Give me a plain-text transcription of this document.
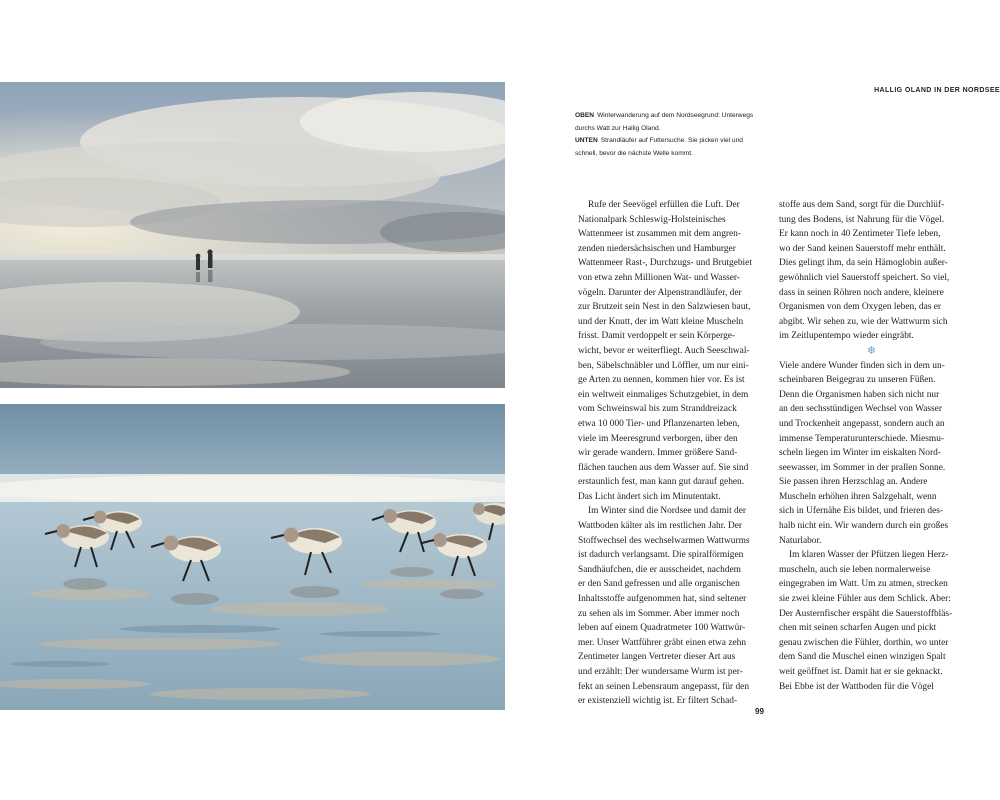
HALLIG OLAND IN DER NORDSEE
OBEN Winterwanderung auf dem Nordseegrund: Unterwegs
durchs Watt zur Hallig Oland.
UNTEN Strandläufer auf Futtersuche. Sie picken viel und
schnell, bevor die nächste Welle kommt.
Rufe der Seevögel erfüllen die Luft. Der
Nationalpark Schleswig-Holsteinisches
Wattenmeer ist zusammen mit dem angren-
zenden niedersächsischen und Hamburger
Wattenmeer Rast-, Durchzugs- und Brutgebiet
von etwa zehn Millionen Wat- und Wasser-
vögeln. Darunter der Alpenstrandläufer, der
zur Brutzeit sein Nest in den Salzwiesen baut,
und der Knutt, der im Watt kleine Muscheln
frisst. Damit verdoppelt er sein Körperge-
wicht, bevor er weiterfliegt. Auch Seeschwal-
ben, Säbelschnäbler und Löffler, um nur eini-
ge Arten zu nennen, kommen hier vor. Es ist
ein weltweit einmaliges Schutzgebiet, in dem
vom Schweinswal bis zum Stranddreizack
etwa 10 000 Tier- und Pflanzenarten leben,
viele im Meeresgrund verborgen, über den
wir gerade wandern. Immer größere Sand-
flächen tauchen aus dem Wasser auf. Sie sind
erstaunlich fest, man kann gut darauf gehen.
Das Licht ändert sich im Minutentakt.
Im Winter sind die Nordsee und damit der
Wattboden kälter als im restlichen Jahr. Der
Stoffwechsel des wechselwarmen Wattwurms
ist dadurch verlangsamt. Die spiralförmigen
Sandhäufchen, die er ausscheidet, nachdem
er den Sand gefressen und alle organischen
Inhaltsstoffe aufgenommen hat, sind seltener
zu sehen als im Sommer. Aber immer noch
leben auf einem Quadratmeter 100 Wattwür-
mer. Unser Wattführer gräbt einen etwa zehn
Zentimeter langen Vertreter dieser Art aus
und erzählt: Der wundersame Wurm ist per-
fekt an seinen Lebensraum angepasst, für den
er existenziell wichtig ist. Er filtert Schad-
stoffe aus dem Sand, sorgt für die Durchlüf-
tung des Bodens, ist Nahrung für die Vögel.
Er kann noch in 40 Zentimeter Tiefe leben,
wo der Sand keinen Sauerstoff mehr enthält.
Dies gelingt ihm, da sein Hämoglobin außer-
gewöhnlich viel Sauerstoff speichert. So viel,
dass in seinen Röhren noch andere, kleinere
Organismen von dem Oxygen leben, das er
abgibt. Wir sehen zu, wie der Wattwurm sich
im Zeitlupentempo wieder eingräbt.
❄
Viele andere Wunder finden sich in dem un-
scheinbaren Beigegrau zu unseren Füßen.
Denn die Organismen haben sich nicht nur
an den sechsstündigen Wechsel von Wasser
und Trockenheit angepasst, sondern auch an
immense Temperaturunterschiede. Miesmu-
scheln liegen im Winter im eiskalten Nord-
seewasser, im Sommer in der prallen Sonne.
Sie passen ihren Herzschlag an. Andere
Muscheln erhöhen ihren Salzgehalt, wenn
sich in Ufernähe Eis bildet, und frieren des-
halb nicht ein. Wir wandern durch ein großes
Naturlabor.
Im klaren Wasser der Pfützen liegen Herz-
muscheln, auch sie leben normalerweise
eingegraben im Watt. Um zu atmen, strecken
sie zwei kleine Fühler aus dem Schlick. Aber:
Der Austernfischer erspäht die Sauerstoffbläs-
chen mit seinen scharfen Augen und pickt
genau zwischen die Fühler, dorthin, wo unter
dem Sand die Muschel einen winzigen Spalt
weit geöffnet ist. Damit hat er sie geknackt.
Bei Ebbe ist der Wattboden für die Vögel
99
